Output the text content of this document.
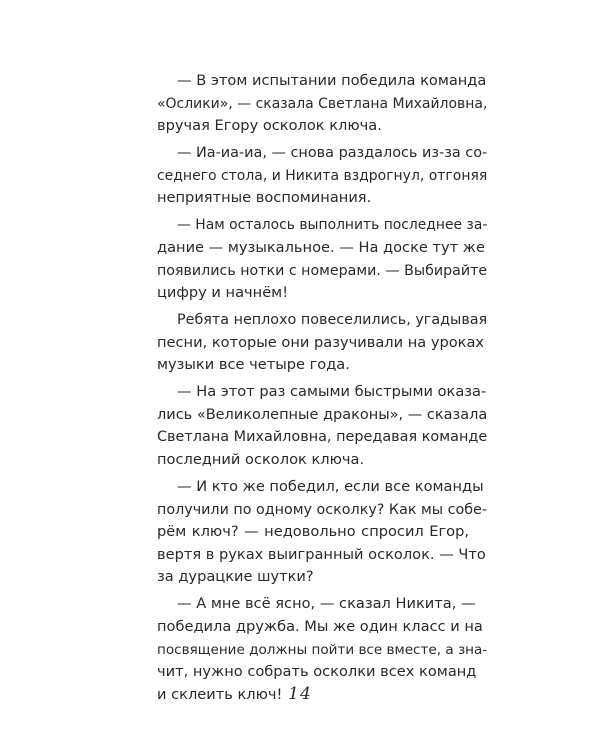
— В этом испытании победила команда
«Ослики», — сказала Светлана Михайловна,
вручая Егору осколок ключа.
— Иа-иа-иа, — снова раздалось из-за со-
седнего стола, и Никита вздрогнул, отгоняя
неприятные воспоминания.
— Нам осталось выполнить последнее за-
дание — музыкальное. — На доске тут же
появились нотки с номерами. — Выбирайте
цифру и начнём!
Ребята неплохо повеселились, угадывая
песни, которые они разучивали на уроках
музыки все четыре года.
— На этот раз самыми быстрыми оказа-
лись «Великолепные драконы», — сказала
Светлана Михайловна, передавая команде
последний осколок ключа.
— И кто же победил, если все команды
получили по одному осколку? Как мы собе-
рём ключ? — недовольно спросил Егор,
вертя в руках выигранный осколок. — Что
за дурацкие шутки?
— А мне всё ясно, — сказал Никита, —
победила дружба. Мы же один класс и на
посвящение должны пойти все вместе, а зна-
чит, нужно собрать осколки всех команд
и склеить ключ! 14
